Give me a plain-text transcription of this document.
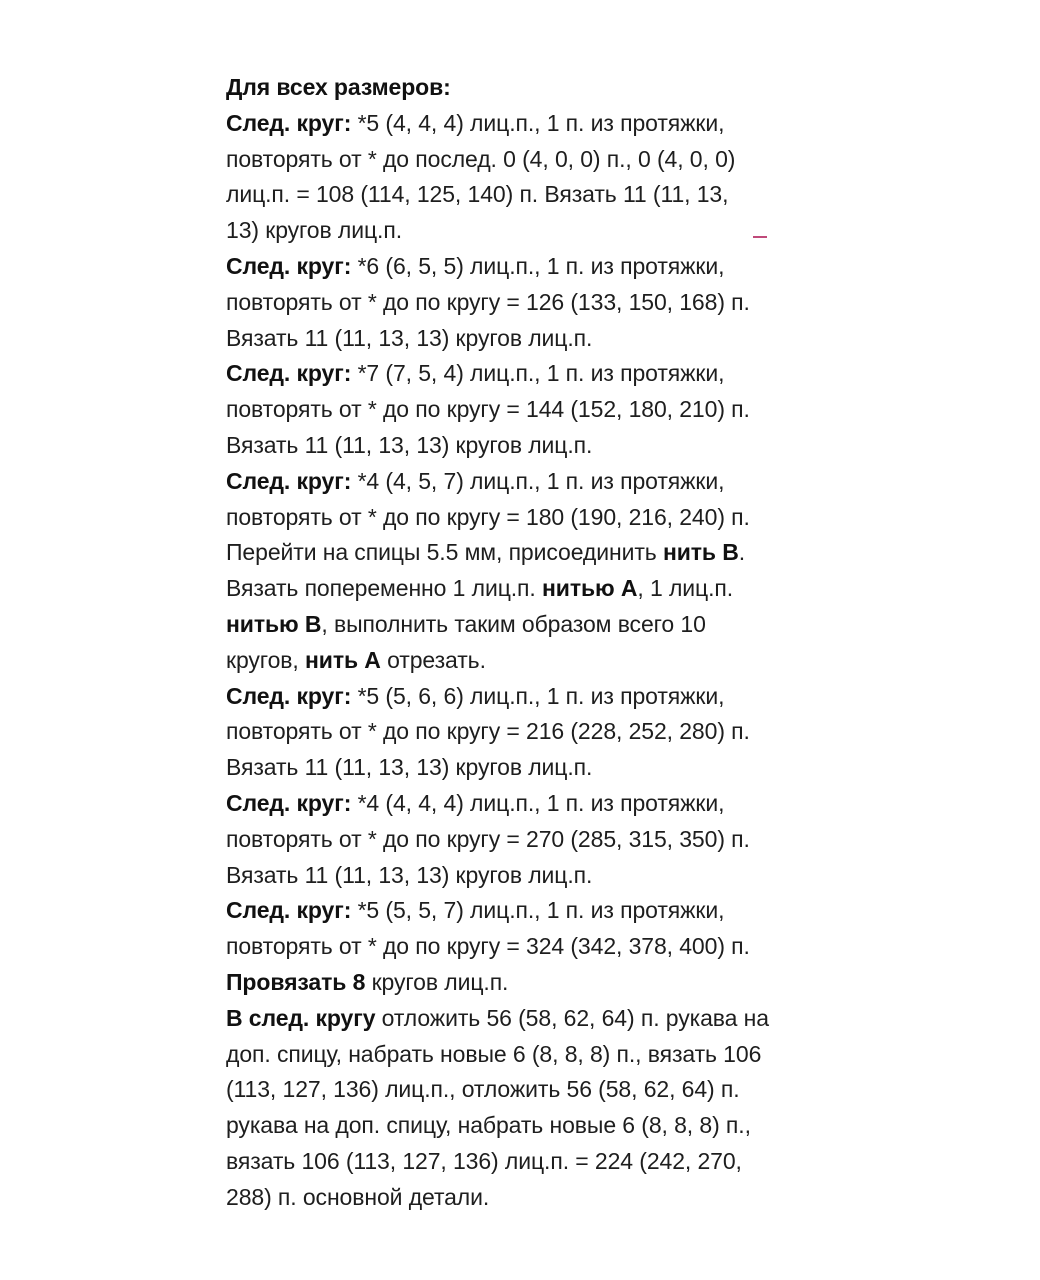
Для всех размеров:
След. круг: *5 (4, 4, 4) лиц.п., 1 п. из протяжки,
повторять от * до послед. 0 (4, 0, 0) п., 0 (4, 0, 0)
лиц.п. = 108 (114, 125, 140) п. Вязать 11 (11, 13,
13) кругов лиц.п.
След. круг: *6 (6, 5, 5) лиц.п., 1 п. из протяжки,
повторять от * до по кругу = 126 (133, 150, 168) п.
Вязать 11 (11, 13, 13) кругов лиц.п.
След. круг: *7 (7, 5, 4) лиц.п., 1 п. из протяжки,
повторять от * до по кругу = 144 (152, 180, 210) п.
Вязать 11 (11, 13, 13) кругов лиц.п.
След. круг: *4 (4, 5, 7) лиц.п., 1 п. из протяжки,
повторять от * до по кругу = 180 (190, 216, 240) п.
Перейти на спицы 5.5 мм, присоединить нить В.
Вязать попеременно 1 лиц.п. нитью А, 1 лиц.п.
нитью В, выполнить таким образом всего 10
кругов, нить А отрезать.
След. круг: *5 (5, 6, 6) лиц.п., 1 п. из протяжки,
повторять от * до по кругу = 216 (228, 252, 280) п.
Вязать 11 (11, 13, 13) кругов лиц.п.
След. круг: *4 (4, 4, 4) лиц.п., 1 п. из протяжки,
повторять от * до по кругу = 270 (285, 315, 350) п.
Вязать 11 (11, 13, 13) кругов лиц.п.
След. круг: *5 (5, 5, 7) лиц.п., 1 п. из протяжки,
повторять от * до по кругу = 324 (342, 378, 400) п.
Провязать 8 кругов лиц.п.
В след. кругу отложить 56 (58, 62, 64) п. рукава на
доп. спицу, набрать новые 6 (8, 8, 8) п., вязать 106
(113, 127, 136) лиц.п., отложить 56 (58, 62, 64) п.
рукава на доп. спицу, набрать новые 6 (8, 8, 8) п.,
вязать 106 (113, 127, 136) лиц.п. = 224 (242, 270,
288) п. основной детали.
